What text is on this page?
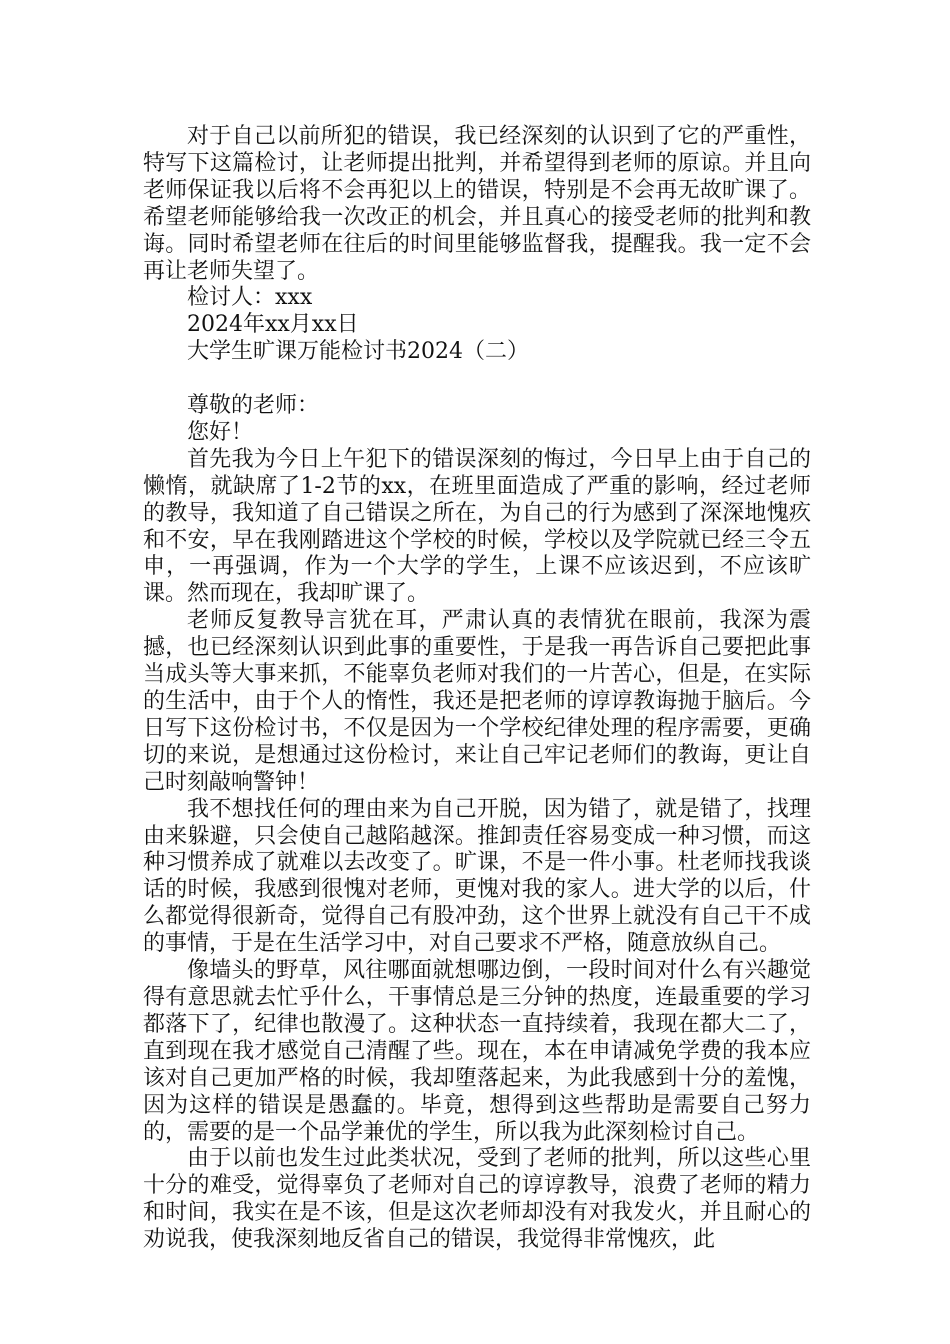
对于自己以前所犯的错误，我已经深刻的认识到了它的严重性，特写下这篇检讨，让老师提出批判，并希望得到老师的原谅。并且向老师保证我以后将不会再犯以上的错误，特别是不会再无故旷课了。希望老师能够给我一次改正的机会，并且真心的接受老师的批判和教诲。同时希望老师在往后的时间里能够监督我，提醒我。我一定不会再让老师失望了。

检讨人：xxx

2024年xx月xx日

大学生旷课万能检讨书2024（二）

尊敬的老师：

您好！

首先我为今日上午犯下的错误深刻的悔过，今日早上由于自己的懒惰，就缺席了1-2节的xx，在班里面造成了严重的影响，经过老师的教导，我知道了自己错误之所在，为自己的行为感到了深深地愧疚和不安，早在我刚踏进这个学校的时候，学校以及学院就已经三令五申，一再强调，作为一个大学的学生，上课不应该迟到，不应该旷课。然而现在，我却旷课了。

老师反复教导言犹在耳，严肃认真的表情犹在眼前，我深为震撼，也已经深刻认识到此事的重要性，于是我一再告诉自己要把此事当成头等大事来抓，不能辜负老师对我们的一片苦心，但是，在实际的生活中，由于个人的惰性，我还是把老师的谆谆教诲抛于脑后。今日写下这份检讨书，不仅是因为一个学校纪律处理的程序需要，更确切的来说，是想通过这份检讨，来让自己牢记老师们的教诲，更让自己时刻敲响警钟！

我不想找任何的理由来为自己开脱，因为错了，就是错了，找理由来躲避，只会使自己越陷越深。推卸责任容易变成一种习惯，而这种习惯养成了就难以去改变了。旷课，不是一件小事。杜老师找我谈话的时候，我感到很愧对老师，更愧对我的家人。进大学的以后，什么都觉得很新奇，觉得自己有股冲劲，这个世界上就没有自己干不成的事情，于是在生活学习中，对自己要求不严格，随意放纵自己。

像墙头的野草，风往哪面就想哪边倒，一段时间对什么有兴趣觉得有意思就去忙乎什么，干事情总是三分钟的热度，连最重要的学习都落下了，纪律也散漫了。这种状态一直持续着，我现在都大二了，直到现在我才感觉自己清醒了些。现在，本在申请减免学费的我本应该对自己更加严格的时候，我却堕落起来，为此我感到十分的羞愧，因为这样的错误是愚蠢的。毕竟，想得到这些帮助是需要自己努力的，需要的是一个品学兼优的学生，所以我为此深刻检讨自己。

由于以前也发生过此类状况，受到了老师的批判，所以这些心里十分的难受，觉得辜负了老师对自己的谆谆教导，浪费了老师的精力和时间，我实在是不该，但是这次老师却没有对我发火，并且耐心的劝说我，使我深刻地反省自己的错误，我觉得非常愧疚，此
